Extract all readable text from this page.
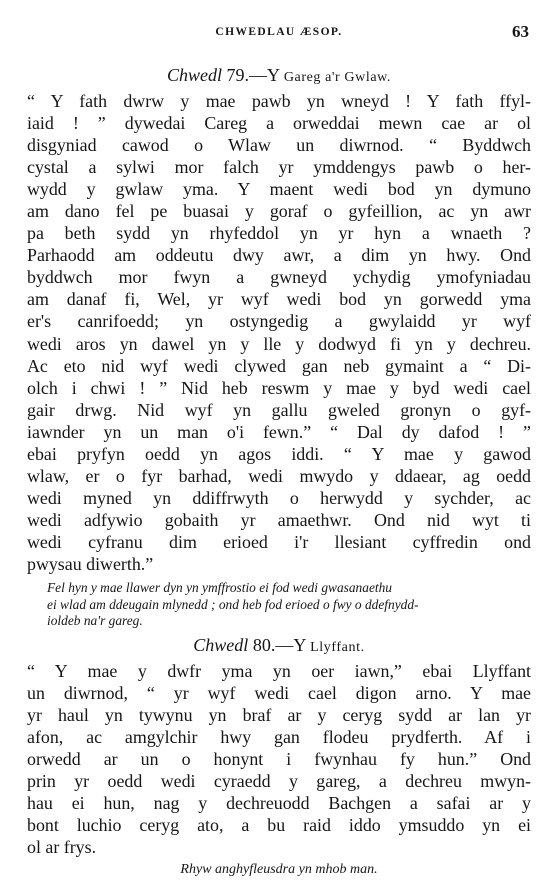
CHWEDLAU ÆSOP.	63
Chwedl 79.—Y Gareg a'r Gwlaw.
“ Y fath dwrw y mae pawb yn wneyd ! Y fath ffyl-
iaid ! ” dywedai Careg a orweddai mewn cae ar ol
disgyniad cawod o Wlaw un diwrnod. “ Byddwch
cystal a sylwi mor falch yr ymddengys pawb o her-
wydd y gwlaw yma. Y maent wedi bod yn dymuno
am dano fel pe buasai y goraf o gyfeillion, ac yn awr
pa beth sydd yn rhyfeddol yn yr hyn a wnaeth ?
Parhaodd am oddeutu dwy awr, a dim yn hwy. Ond
byddwch mor fwyn a gwneyd ychydig ymofyniadau
am danaf fi, Wel, yr wyf wedi bod yn gorwedd yma
er's canrifoedd; yn ostyngedig a gwylaidd yr wyf
wedi aros yn dawel yn y lle y dodwyd fi yn y dechreu.
Ac eto nid wyf wedi clywed gan neb gymaint a “ Di-
olch i chwi ! ” Nid heb reswm y mae y byd wedi cael
gair drwg. Nid wyf yn gallu gweled gronyn o gyf-
iawnder yn un man o'i fewn.” “ Dal dy dafod ! ”
ebai pryfyn oedd yn agos iddi. “ Y mae y gawod
wlaw, er o fyr barhad, wedi mwydo y ddaear, ag oedd
wedi myned yn ddiffrwyth o herwydd y sychder, ac
wedi adfywio gobaith yr amaethwr. Ond nid wyt ti
wedi cyfranu dim erioed i'r llesiant cyffredin ond
pwysau diwerth.”
Fel hyn y mae llawer dyn yn ymffrostio ei fod wedi gwasanaethu
ei wlad am ddeugain mlynedd ; ond heb fod erioed o fwy o ddefnydd-
ioldeb na'r gareg.
Chwedl 80.—Y Llyffant.
“ Y mae y dwfr yma yn oer iawn,” ebai Llyffant
un diwrnod, “ yr wyf wedi cael digon arno. Y mae
yr haul yn tywynu yn braf ar y ceryg sydd ar lan yr
afon, ac amgylchir hwy gan flodeu prydferth. Af i
orwedd ar un o honynt i fwynhau fy hun.” Ond
prin yr oedd wedi cyraedd y gareg, a dechreu mwyn-
hau ei hun, nag y dechreuodd Bachgen a safai ar y
bont luchio ceryg ato, a bu raid iddo ymsuddo yn ei
ol ar frys.
Rhyw anghyfleusdra yn mhob man.
